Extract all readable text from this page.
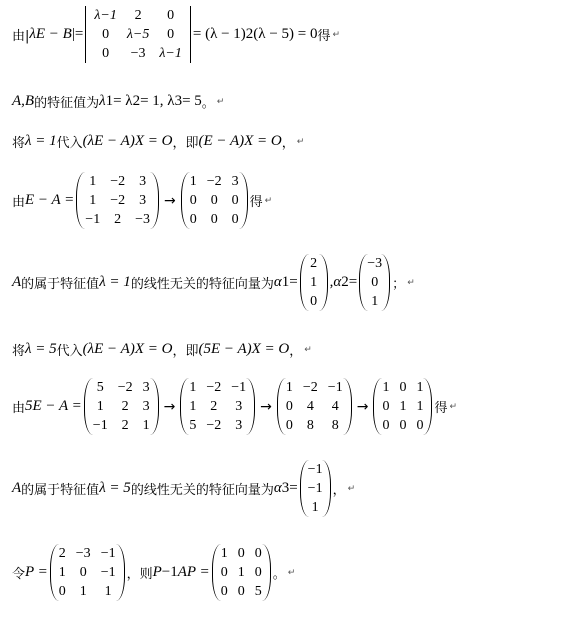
由| λE − B |=
λ−1	2	0
0	λ−5	0
0	−3	λ−1
= (λ − 1) 2 (λ − 5) = 0 得 ↵
A,B 的特征值为 λ 1 = λ 2 = 1, λ 3 = 5 。 ↵
将 λ = 1 代入 (λE − A)X = O ，即 (E − A)X = O ， ↵
由 E − A =
1	−2	3
1	−2	3
−1	2	−3
→
1	−2	3
0	0	0
0	0	0
得 ↵
A 的属于特征值 λ = 1 的线性无关的特征向量为 α 1 =
2
1
0
, α 2 =
−3
0
1
； ↵
将 λ = 5 代入 (λE − A)X = O ，即 (5E − A)X = O ， ↵
由 5E − A =
5	−2	3
1	2	3
−1	2	1
→
1	−2	−1
1	2	3
5	−2	3
→
1	−2	−1
0	4	4
0	8	8
→
1	0	1
0	1	1
0	0	0
得 ↵
A 的属于特征值 λ = 5 的线性无关的特征向量为 α 3 =
−1
−1
1
， ↵
令 P =
2	−3	−1
1	0	−1
0	1	1
，则 P −1 AP =
1	0	0
0	1	0
0	0	5
。 ↵
